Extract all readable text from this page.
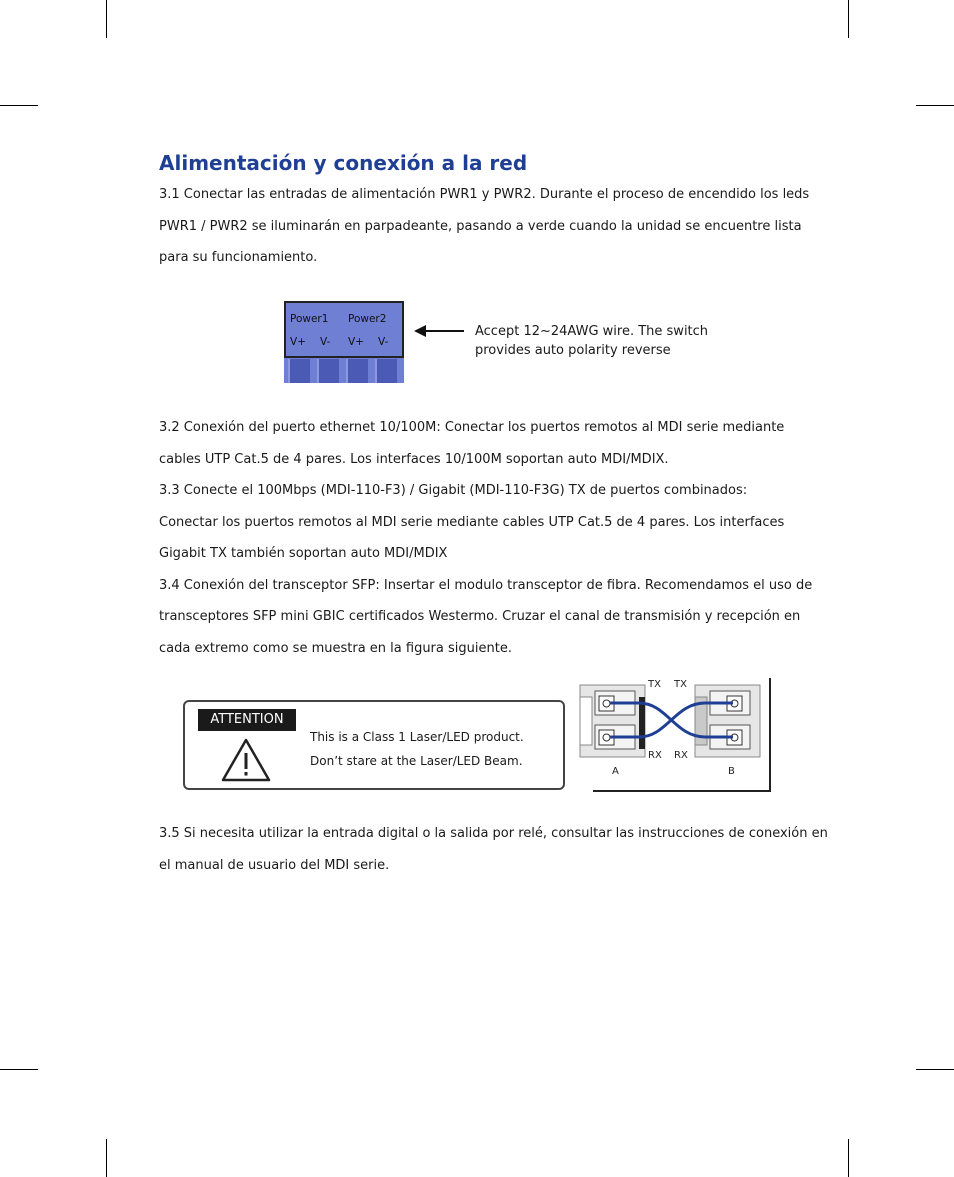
Alimentación y conexión a la red
3.1 Conectar las entradas de alimentación PWR1 y PWR2. Durante el proceso de encendido los leds
PWR1 / PWR2 se iluminarán en parpadeante, pasando a verde cuando la unidad se encuentre lista
para su funcionamiento.
Power1 Power2
V+ V- V+ V-
Accept 12~24AWG wire. The switch
provides auto polarity reverse
3.2 Conexión del puerto ethernet 10/100M: Conectar los puertos remotos al MDI serie mediante
cables UTP Cat.5 de 4 pares. Los interfaces 10/100M soportan auto MDI/MDIX.
3.3 Conecte el 100Mbps (MDI-110-F3) / Gigabit (MDI-110-F3G) TX de puertos combinados:
Conectar los puertos remotos al MDI serie mediante cables UTP Cat.5 de 4 pares. Los interfaces
Gigabit TX también soportan auto MDI/MDIX
3.4 Conexión del transceptor SFP: Insertar el modulo transceptor de fibra. Recomendamos el uso de
transceptores SFP mini GBIC certificados Westermo. Cruzar el canal de transmisión y recepción en
cada extremo como se muestra en la figura siguiente.
ATTENTION
This is a Class 1 Laser/LED product.
Don’t stare at the Laser/LED Beam.
TX TX
RX RX
A	B
3.5 Si necesita utilizar la entrada digital o la salida por relé, consultar las instrucciones de conexión en
el manual de usuario del MDI serie.
